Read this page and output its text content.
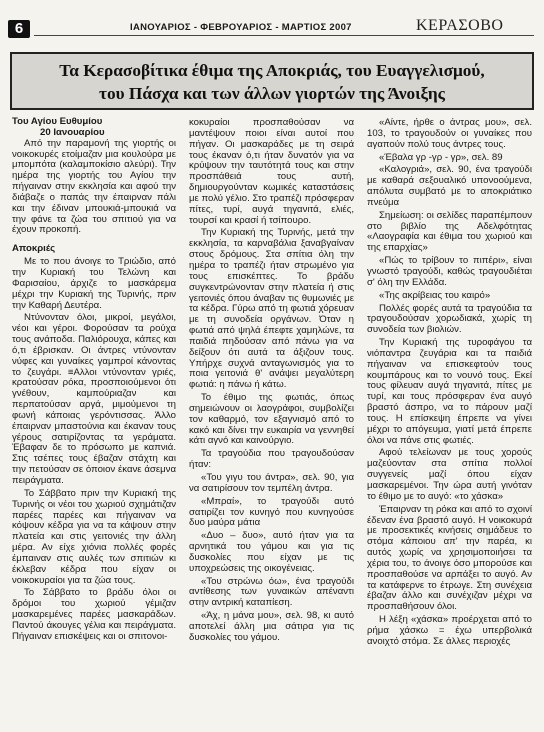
6	ΙΑΝΟΥΑΡΙΟΣ - ΦΕΒΡΟΥΑΡΙΟΣ - ΜΑΡΤΙΟΣ 2007	ΚΕΡΑΣΟΒΟ
Τα Κερασοβίτικα έθιμα της Αποκριάς, του Ευαγγελισμού,
του Πάσχα και των άλλων γιορτών της Άνοιξης

Του Αγίου Ευθυμίου

20 Ιανουαρίου

Από την παραμονή της γιορτής οι νοικοκυρές ετοίμαζαν μια κουλούρα με μπομπότα (καλαμποκίσιο αλεύρι). Την ημέρα της γιορτής του Αγίου την πήγαιναν στην εκκλησία και αφού την διάβαζε ο παπάς την έπαιρναν πάλι και την έδιναν μπουκιά-μπουκιά να την φάνε τα ζώα του σπιτιού για να έχουν προκοπή.

Αποκριές

Με το που άνοιγε το Τριώδιο, από την Κυριακή του Τελώνη και Φαρισαίου, άρχιζε το μασκάρεμα μέχρι την Κυριακή της Τυρινής, πριν την Καθαρή Δευτέρα.

Ντύνονταν όλοι, μικροί, μεγάλοι, νέοι και γέροι. Φορούσαν τα ρούχα τους ανάποδα. Παλιόρουχα, κάπες και ό,τι έβρισκαν. Οι άντρες ντύνονταν νύφες και γυναίκες γαμπροί κάνοντας το ζευγάρι. ≡Αλλοι ντύνονταν γριές, κρατούσαν ρόκα, προσποιούμενοι ότι γνέθουν, καμπούριαζαν και περπατούσαν αργά, μιμούμενοι τη φωνή κάποιας γερόντισσας. Άλλο έπαιρναν μπαστούνια και έκαναν τους γέρους σατιρίζοντας τα γεράματα. Έβαφαν δε το πρόσωπο με καπνιά. Στις τσέπες τους έβαζαν στάχτη και την πετούσαν σε όποιον έκανε άσεμνα πειράγματα.

Το Σάββατο πριν την Κυριακή της Τυρινής οι νέοι του χωριού σχημάτιζαν παρέες παρέες και πήγαιναν να κόψουν κέδρα για να τα κάψουν στην πλατεία και στις γειτονιές την άλλη μέρα. Αν είχε χιόνια πολλές φορές έμπαιναν στις αυλές των σπιτιών κι έκλεβαν κέδρα που είχαν οι νοικοκυραίοι για τα ζώα τους.

Το Σάββατο το βράδυ όλοι οι δρόμοι του χωριού γέμιζαν μασκαρεμένες παρέες μασκαράδων. Παντού άκουγες γέλια και πειράγματα. Πήγαιναν επισκέψεις και οι σπιτονοι-

κοκυραίοι προσπαθούσαν να μαντέψουν ποιοι είναι αυτοί που πήγαν. Οι μασκαράδες με τη σειρά τους έκαναν ό,τι ήταν δυνατόν για να κρύψουν την ταυτότητά τους και στην προσπάθειά τους αυτή, δημιουργούνταν κωμικές καταστάσεις με πολύ γέλιο. Στο τραπέζι πρόσφεραν πίτες, τυρί, αυγά τηγανιτά, ελιές, τουρσί και κρασί ή τσίπουρο.

Την Κυριακή της Τυρινής, μετά την εκκλησία, τα καρναβάλια ξαναβγαίναν στους δρόμους. Στα σπίτια όλη την ημέρα το τραπέζι ήταν στρωμένο για τους επισκέπτες. Το βράδυ συγκεντρώνονταν στην πλατεία ή στις γειτονιές όπου άναβαν τις θυμωνιές με τα κέδρα. Γύρω από τη φωτιά χόρευαν με τη συνοδεία οργάνων. Όταν η φωτιά από ψηλά έπεφτε χαμηλώνε, τα παιδιά πηδούσαν από πάνω για να δείξουν ότι αυτά τα άξιζουν τους. Υπήρχε συχνά ανταγωνισμός για το ποια γειτονιά θ' ανάψει μεγαλύτερη φωτιά: η πάνω ή κάτω.

Το έθιμο της φωτιάς, όπως σημειώνουν οι λαογράφοι, συμβολίζει τον καθαρμό, τον εξαγνισμό από το κακό και δίνει την ευκαιρία να γεννηθεί κάτι αγνό και καινούργιο.

Τα τραγούδια που τραγουδούσαν ήταν:

«Του γιγυ του άντρα», σελ. 90, για να σατιρίσουν τον τεμπέλη άντρα.

«Μπραί», το τραγούδι αυτό σατιρίζει τον κυνηγό που κυνηγούσε δυο μαύρα μάτια

«Δυο – δυο», αυτό ήταν για τα αρνητικά του γάμου και για τις δυσκολίες που είχαν με τις υποχρεώσεις της οικογένειας.

«Του στρώνω όω», ένα τραγούδι αντίθεσης των γυναικών απέναντι στην αντρική καταπίεση.

«Άχ, η μάνα μου», σελ. 98, κι αυτό αποτελεί άλλη μια σάτιρα για τις δυσκολίες του γάμου.

«Αίντε, ήρθε ο άντρας μου», σελ. 103, το τραγουδούν οι γυναίκες που αγαπούν πολύ τους άντρες τους.

«Έβαλα γρ -γρ - γρ», σελ. 89

«Καλογριά», σελ. 90, ένα τραγούδι με καθαρά σεξουαλικό υπονοούμενα, απόλυτα συμβατό με το αποκριάτικο πνεύμα

Σημείωση: οι σελίδες παραπέμπουν στο βιβλίο της Αδελφότητας «Λαογραφία και έθιμα του χωριού και της επαρχίας»

«Πώς το τρίβουν το πιπέρι», είναι γνωστό τραγούδι, καθώς τραγουδιέται σ' όλη την Ελλάδα.

«Της ακρίβειας του καιρό»

Πολλές φορές αυτά τα τραγούδια τα τραγουδούσαν χορωδιακά, χωρίς τη συνοδεία των βιολιών.

Την Κυριακή της τυροφάγου τα νιόπαντρα ζευγάρια και τα παιδιά πήγαιναν να επισκεφτούν τους κουμπάρους και το νουνό τους. Εκεί τους φίλευαν αυγά τηγανιτά, πίτες με τυρί, και τους πρόσφεραν ένα αυγό βραστό άσπρο, να το πάρουν μαζί τους. Η επίσκεψη έπρεπε να γίνει μέχρι το απόγευμα, γιατί μετά έπρεπε όλοι να πάνε στις φωτιές.

Αφού τελείωναν με τους χορούς μαζεύονταν στα σπίτια πολλοί συγγενείς μαζί όπου είχαν μασκαρεμένοι. Την ώρα αυτή γινόταν το έθιμο με το αυγό: «το χάσκα»

Έπαιρναν τη ρόκα και από το σχοινί έδεναν ένα βραστό αυγό. Η νοικοκυρά με προσεκτικές κινήσεις σημάδευε το στόμα κάποιου απ' την παρέα, κι αυτός χωρίς να χρησιμοποιήσει τα χέρια του, το άνοιγε όσο μπορούσε και προσπαθούσε να αρπάξει το αυγό. Αν τα κατάφερνε το έτρωγε. Στη συνέχεια έβαζαν άλλο και συνέχιζαν μέχρι να προσπαθήσουν όλοι.

Η λέξη «χάσκα» προέρχεται από το ρήμα χάσκω = έχω υπερβολικά ανοιχτό στόμα. Σε άλλες περιοχές
